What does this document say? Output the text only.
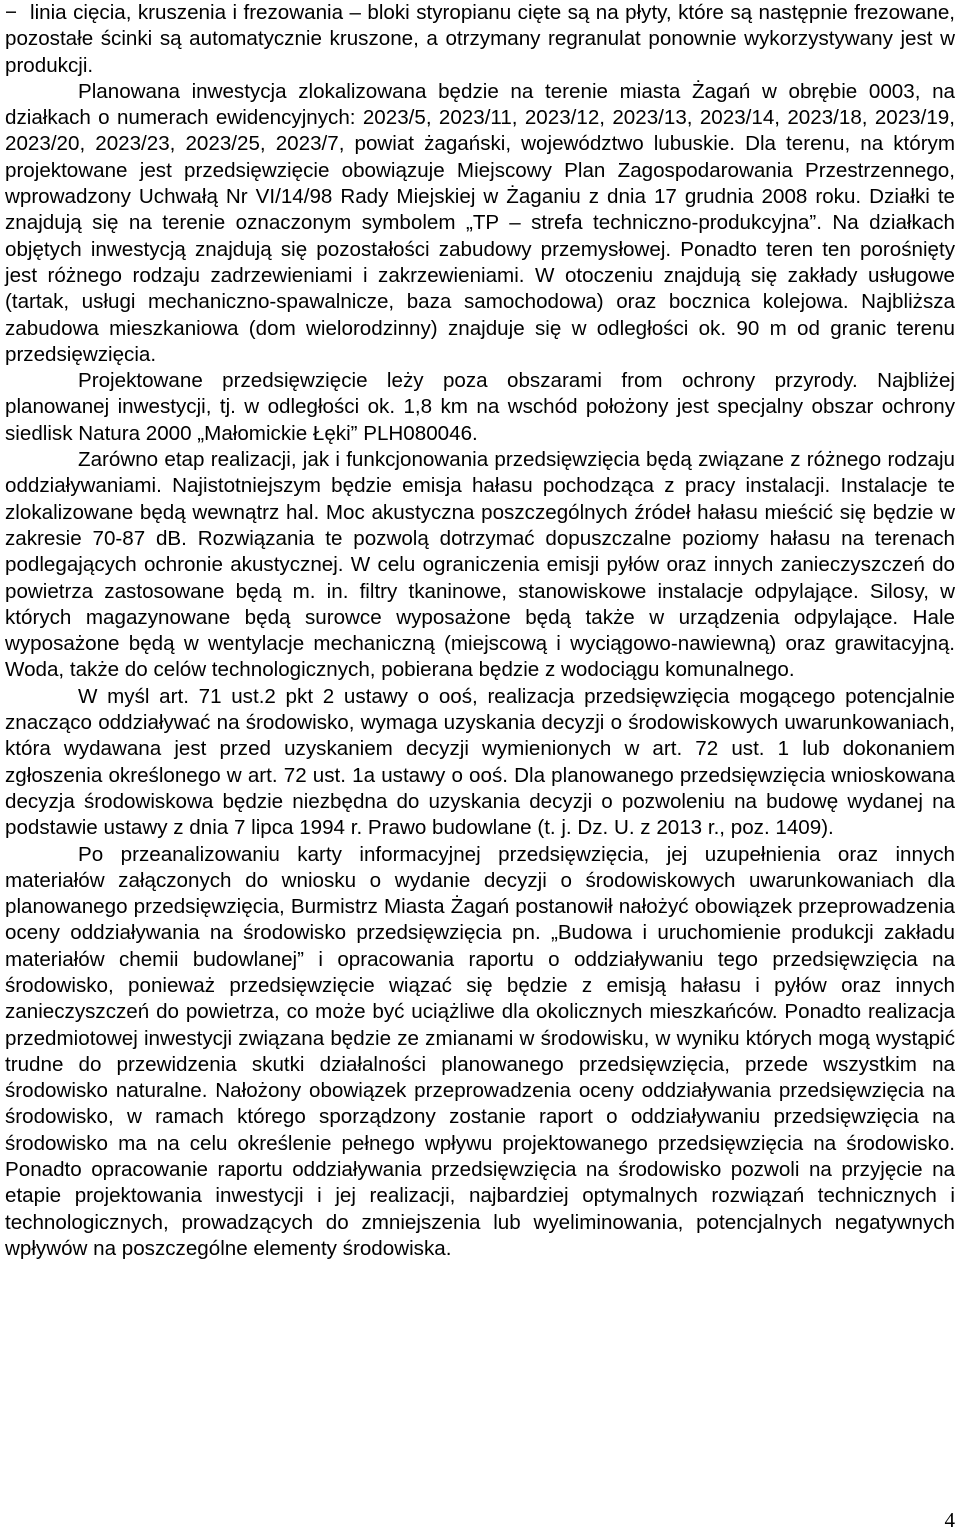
− linia cięcia, kruszenia i frezowania – bloki styropianu cięte są na płyty, które są następnie frezowane, pozostałe ścinki są automatycznie kruszone, a otrzymany regranulat ponownie wykorzystywany jest w produkcji.

Planowana inwestycja zlokalizowana będzie na terenie miasta Żagań w obrębie 0003, na działkach o numerach ewidencyjnych: 2023/5, 2023/11, 2023/12, 2023/13, 2023/14, 2023/18, 2023/19, 2023/20, 2023/23, 2023/25, 2023/7, powiat żagański, województwo lubuskie. Dla terenu, na którym projektowane jest przedsięwzięcie obowiązuje Miejscowy Plan Zagospodarowania Przestrzennego, wprowadzony Uchwałą Nr VI/14/98 Rady Miejskiej w Żaganiu z dnia 17 grudnia 2008 roku. Działki te znajdują się na terenie oznaczonym symbolem „TP – strefa techniczno-produkcyjna”. Na działkach objętych inwestycją znajdują się pozostałości zabudowy przemysłowej. Ponadto teren ten porośnięty jest różnego rodzaju zadrzewieniami i zakrzewieniami. W otoczeniu znajdują się zakłady usługowe (tartak, usługi mechaniczno-spawalnicze, baza samochodowa) oraz bocznica kolejowa. Najbliższa zabudowa mieszkaniowa (dom wielorodzinny) znajduje się w odległości ok. 90 m od granic terenu przedsięwzięcia.

Projektowane przedsięwzięcie leży poza obszarami from ochrony przyrody. Najbliżej planowanej inwestycji, tj. w odległości ok. 1,8 km na wschód położony jest specjalny obszar ochrony siedlisk Natura 2000 „Małomickie Łęki” PLH080046.

Zarówno etap realizacji, jak i funkcjonowania przedsięwzięcia będą związane z różnego rodzaju oddziaływaniami. Najistotniejszym będzie emisja hałasu pochodząca z pracy instalacji. Instalacje te zlokalizowane będą wewnątrz hal. Moc akustyczna poszczególnych źródeł hałasu mieścić się będzie w zakresie 70-87 dB. Rozwiązania te pozwolą dotrzymać dopuszczalne poziomy hałasu na terenach podlegających ochronie akustycznej. W celu ograniczenia emisji pyłów oraz innych zanieczyszczeń do powietrza zastosowane będą m. in. filtry tkaninowe, stanowiskowe instalacje odpylające. Silosy, w których magazynowane będą surowce wyposażone będą także w urządzenia odpylające. Hale wyposażone będą w wentylacje mechaniczną (miejscową i wyciągowo-nawiewną) oraz grawitacyjną. Woda, także do celów technologicznych, pobierana będzie z wodociągu komunalnego.

W myśl art. 71 ust.2 pkt 2 ustawy o ooś, realizacja przedsięwzięcia mogącego potencjalnie znacząco oddziaływać na środowisko, wymaga uzyskania decyzji o środowiskowych uwarunkowaniach, która wydawana jest przed uzyskaniem decyzji wymienionych w art. 72 ust. 1 lub dokonaniem zgłoszenia określonego w art. 72 ust. 1a ustawy o ooś. Dla planowanego przedsięwzięcia wnioskowana decyzja środowiskowa będzie niezbędna do uzyskania decyzji o pozwoleniu na budowę wydanej na podstawie ustawy z dnia 7 lipca 1994 r. Prawo budowlane (t. j. Dz. U. z 2013 r., poz. 1409).

Po przeanalizowaniu karty informacyjnej przedsięwzięcia, jej uzupełnienia oraz innych materiałów załączonych do wniosku o wydanie decyzji o środowiskowych uwarunkowaniach dla planowanego przedsięwzięcia, Burmistrz Miasta Żagań postanowił nałożyć obowiązek przeprowadzenia oceny oddziaływania na środowisko przedsięwzięcia pn. „Budowa i uruchomienie produkcji zakładu materiałów chemii budowlanej” i opracowania raportu o oddziaływaniu tego przedsięwzięcia na środowisko, ponieważ przedsięwzięcie wiązać się będzie z emisją hałasu i pyłów oraz innych zanieczyszczeń do powietrza, co może być uciążliwe dla okolicznych mieszkańców. Ponadto realizacja przedmiotowej inwestycji związana będzie ze zmianami w środowisku, w wyniku których mogą wystąpić trudne do przewidzenia skutki działalności planowanego przedsięwzięcia, przede wszystkim na środowisko naturalne. Nałożony obowiązek przeprowadzenia oceny oddziaływania przedsięwzięcia na środowisko, w ramach którego sporządzony zostanie raport o oddziaływaniu przedsięwzięcia na środowisko ma na celu określenie pełnego wpływu projektowanego przedsięwzięcia na środowisko. Ponadto opracowanie raportu oddziaływania przedsięwzięcia na środowisko pozwoli na przyjęcie na etapie projektowania inwestycji i jej realizacji, najbardziej optymalnych rozwiązań technicznych i technologicznych, prowadzących do zmniejszenia lub wyeliminowania, potencjalnych negatywnych wpływów na poszczególne elementy środowiska.

4
